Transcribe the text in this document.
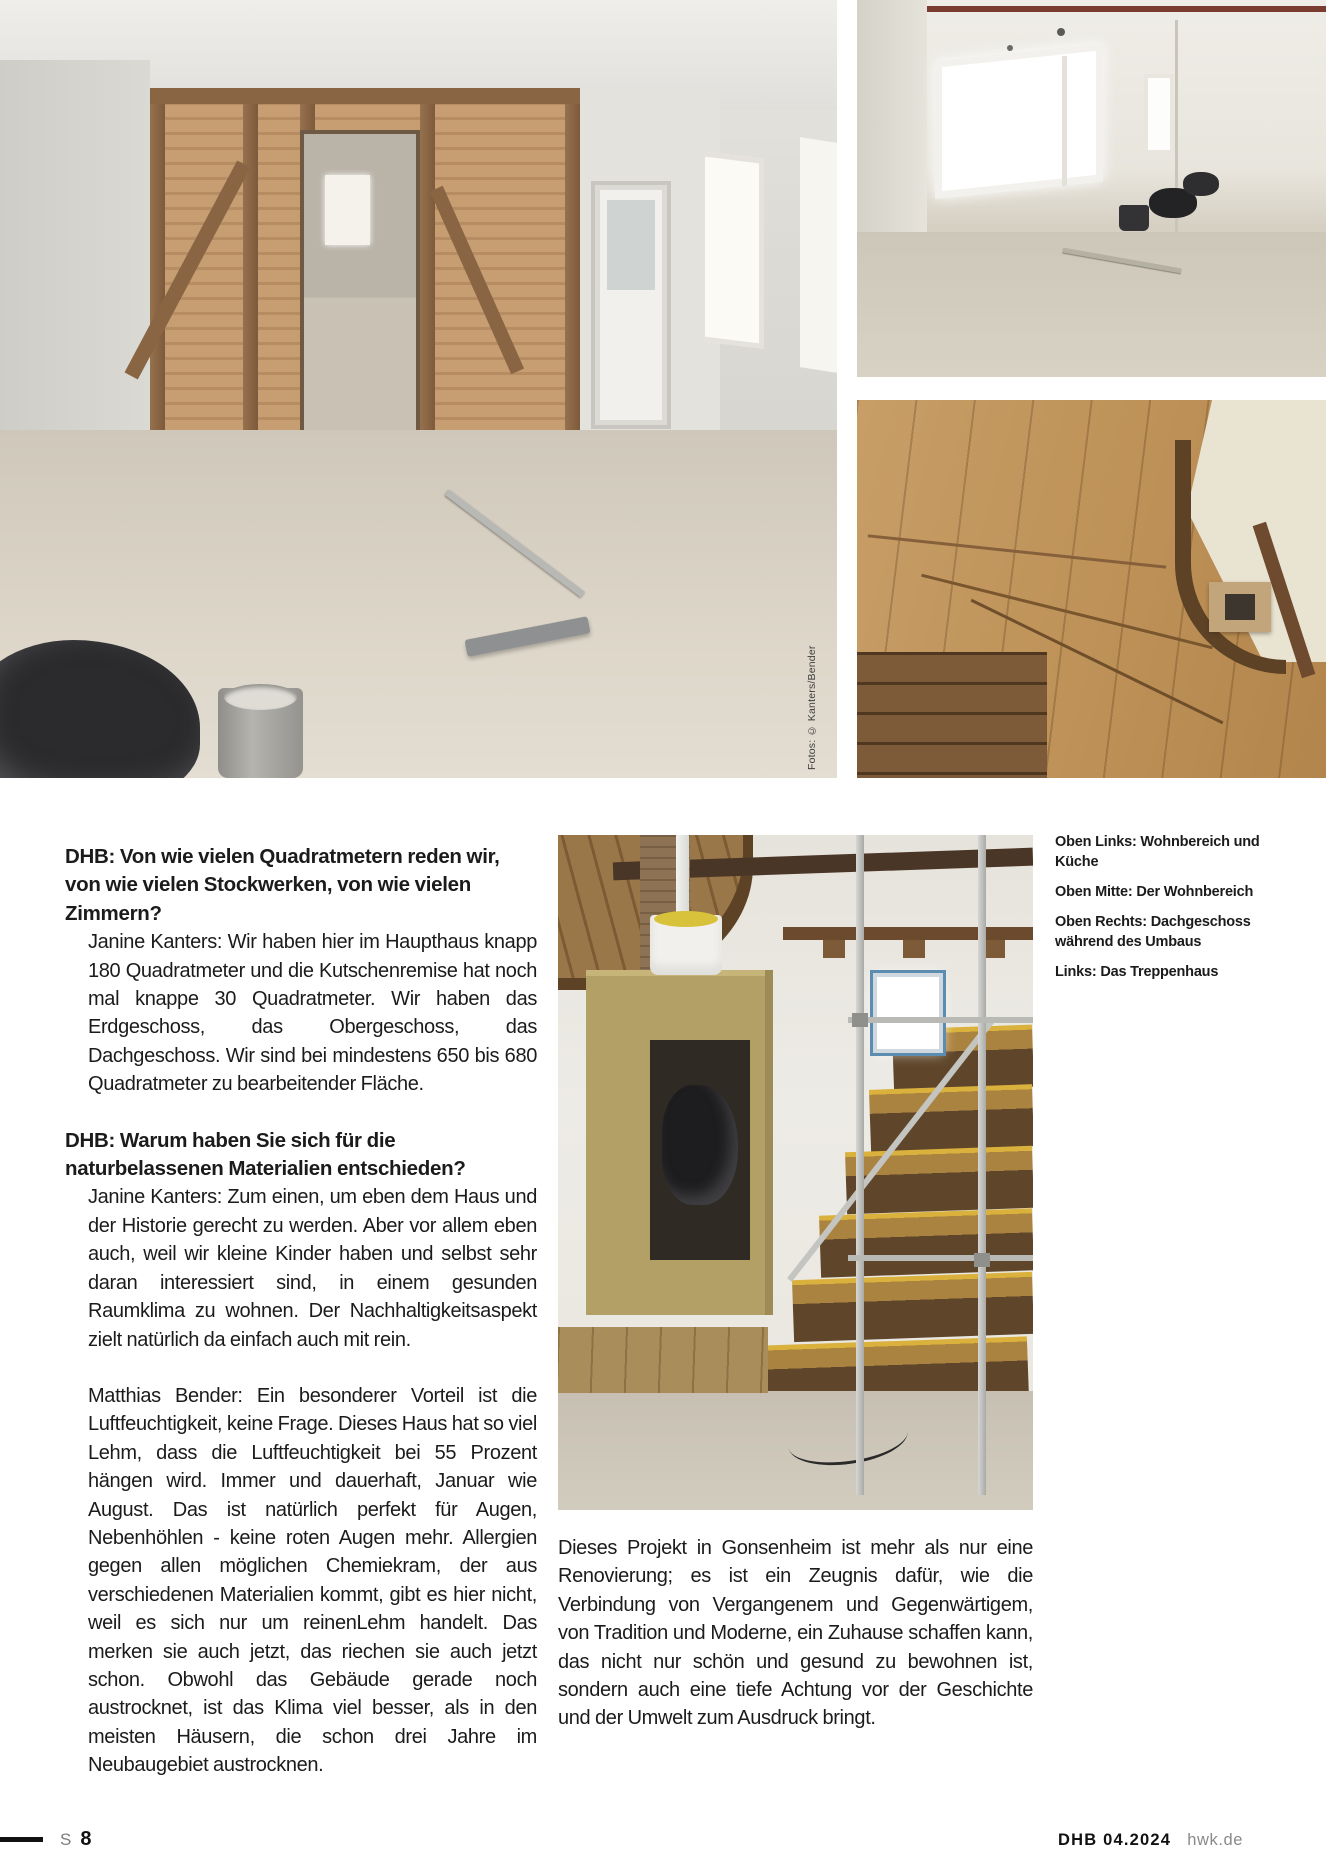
Fotos: © Kanters/Bender
DHB: Von wie vielen Quadratmetern reden wir, von wie vielen Stockwerken, von wie vielen Zimmern?

Janine Kanters: Wir haben hier im Haupthaus knapp 180 Quadratmeter und die Kutschenremise hat noch mal knappe 30 Quadratmeter. Wir haben das Erdgeschoss, das Obergeschoss, das Dachgeschoss. Wir sind bei mindestens 650 bis 680 Quadratmeter zu bearbeitender Fläche.

DHB: Warum haben Sie sich für die naturbelassenen Materialien entschieden?

Janine Kanters: Zum einen, um eben dem Haus und der Historie gerecht zu werden. Aber vor allem eben auch, weil wir kleine Kinder haben und selbst sehr daran interessiert sind, in einem gesunden Raumklima zu wohnen. Der Nachhaltigkeitsaspekt zielt natürlich da einfach auch mit rein.

Matthias Bender: Ein besonderer Vorteil ist die Luftfeuchtigkeit, keine Frage. Dieses Haus hat so viel Lehm, dass die Luftfeuchtigkeit bei 55 Prozent hängen wird. Immer und dauerhaft, Januar wie August. Das ist natürlich perfekt für Augen, Nebenhöhlen - keine roten Augen mehr. Allergien gegen allen möglichen Chemiekram, der aus verschiedenen Materialien kommt, gibt es hier nicht, weil es sich nur um reinenLehm handelt. Das merken sie auch jetzt, das riechen sie auch jetzt schon. Obwohl das Gebäude gerade noch austrocknet, ist das Klima viel besser, als in den meisten Häusern, die schon drei Jahre im Neubaugebiet austrocknen.

Dieses Projekt in Gonsenheim ist mehr als nur eine Renovierung; es ist ein Zeugnis dafür, wie die Verbindung von Vergangenem und Gegenwärtigem, von Tradition und Moderne, ein Zuhause schaffen kann, das nicht nur schön und gesund zu bewohnen ist, sondern auch eine tiefe Achtung vor der Geschichte und der Umwelt zum Ausdruck bringt.

Oben Links: Wohnbereich und Küche

Oben Mitte: Der Wohnbereich

Oben Rechts: Dachgeschoss während des Umbaus

Links: Das Treppenhaus

S 8	DHB 04.2024 hwk.de
